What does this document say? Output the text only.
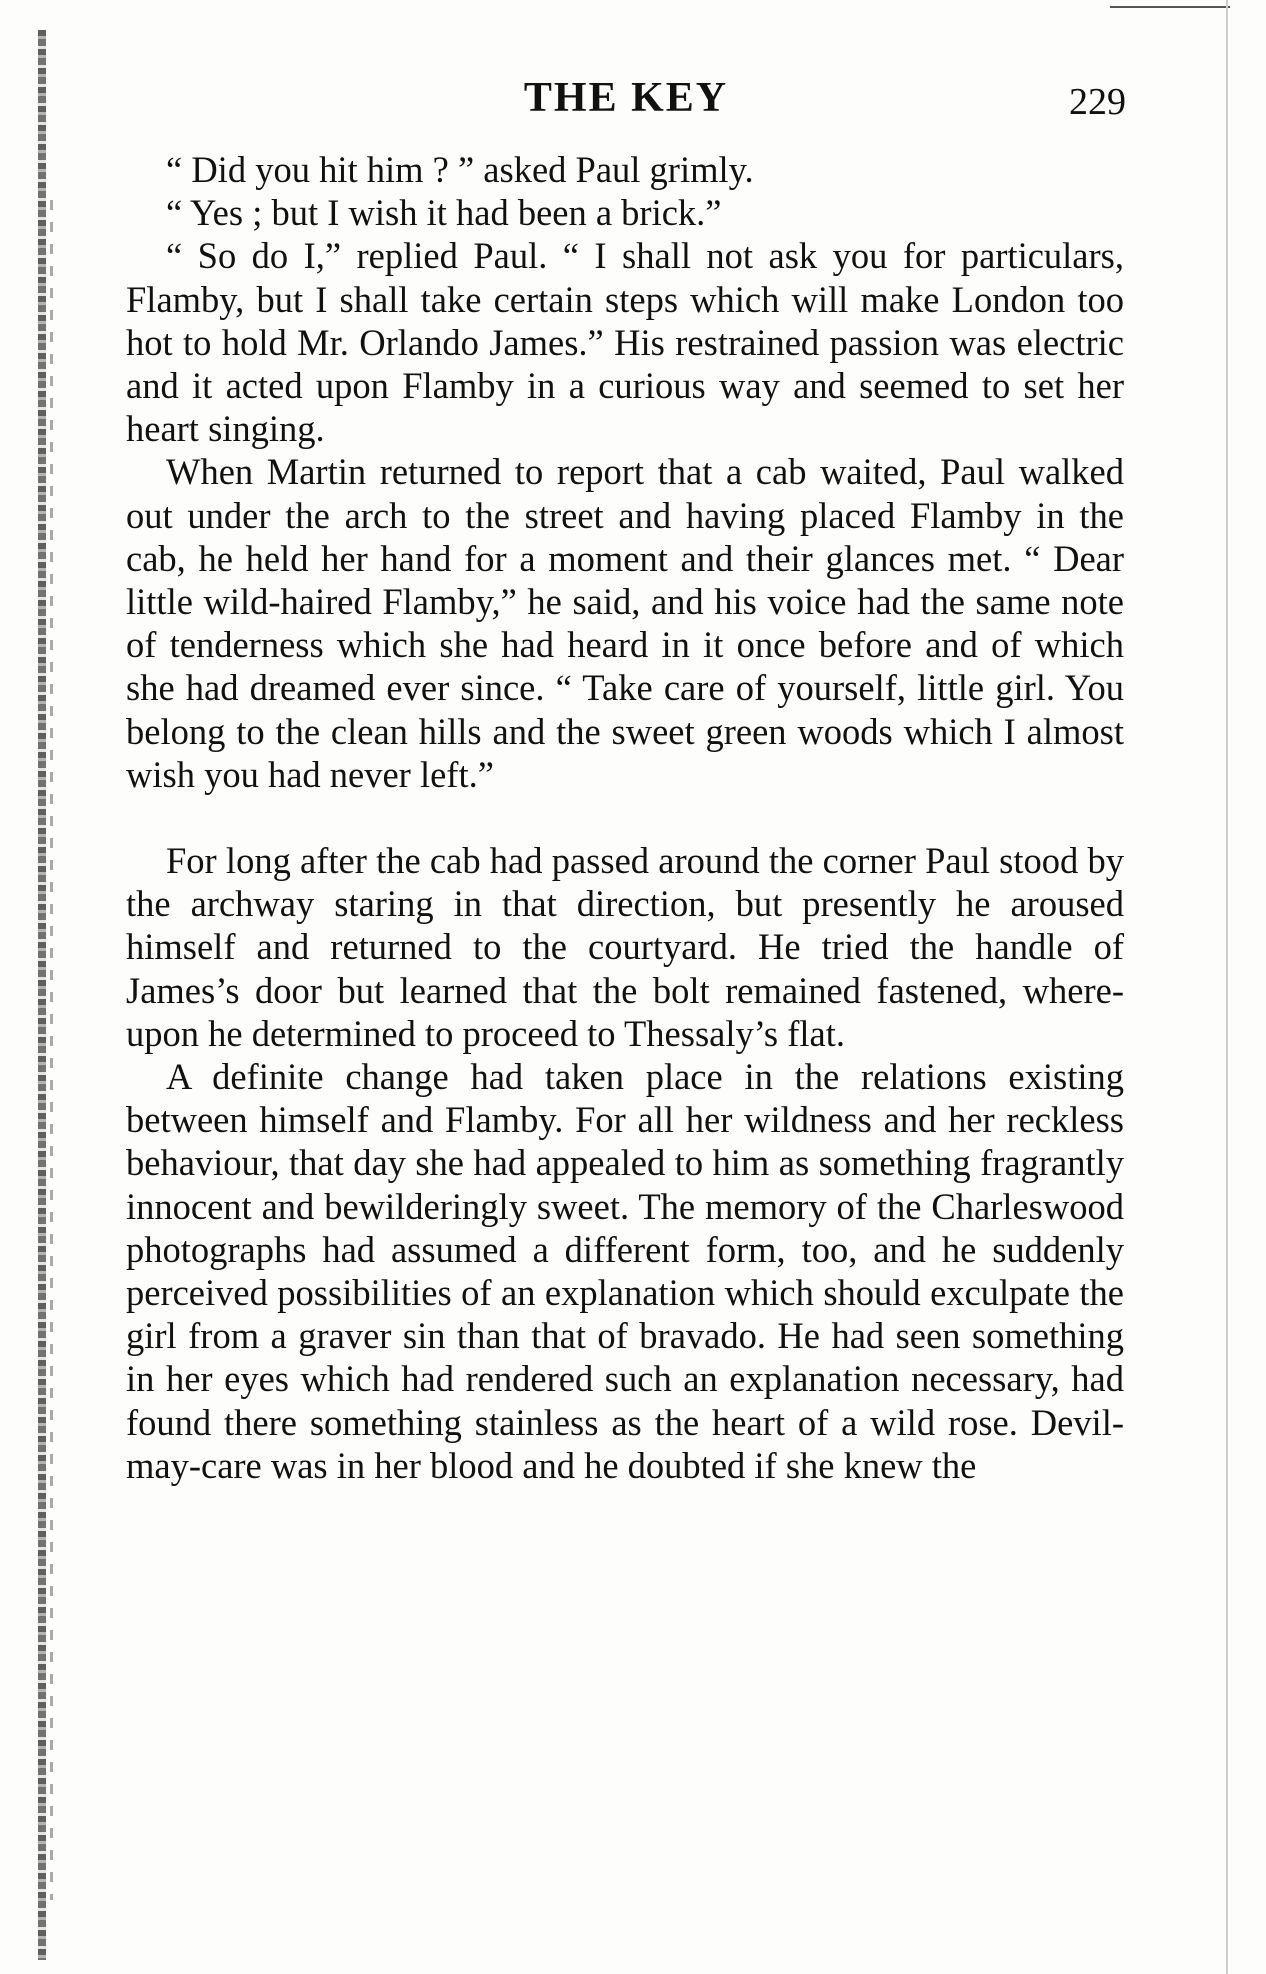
THE KEY	229

“ Did you hit him ? ” asked Paul grimly.

“ Yes ; but I wish it had been a brick.”

“ So do I,” replied Paul. “ I shall not ask you for particulars, Flamby, but I shall take certain steps which will make London too hot to hold Mr. Orlando James.” His restrained passion was electric and it acted upon Flamby in a curious way and seemed to set her heart singing.

When Martin returned to report that a cab waited, Paul walked out under the arch to the street and having placed Flamby in the cab, he held her hand for a moment and their glances met. “ Dear little wild-haired Flamby,” he said, and his voice had the same note of tenderness which she had heard in it once before and of which she had dreamed ever since. “ Take care of yourself, little girl. You belong to the clean hills and the sweet green woods which I almost wish you had never left.”

For long after the cab had passed around the corner Paul stood by the archway staring in that direction, but presently he aroused himself and returned to the courtyard. He tried the handle of James’s door but learned that the bolt remained fastened, where- upon he determined to proceed to Thessaly’s flat.

A definite change had taken place in the relations existing between himself and Flamby. For all her wildness and her reckless behaviour, that day she had appealed to him as something fragrantly innocent and bewilderingly sweet. The memory of the Charleswood photographs had assumed a different form, too, and he suddenly perceived possibilities of an explanation which should exculpate the girl from a graver sin than that of bravado. He had seen something in her eyes which had rendered such an explanation necessary, had found there something stainless as the heart of a wild rose. Devil-may-care was in her blood and he doubted if she knew the
